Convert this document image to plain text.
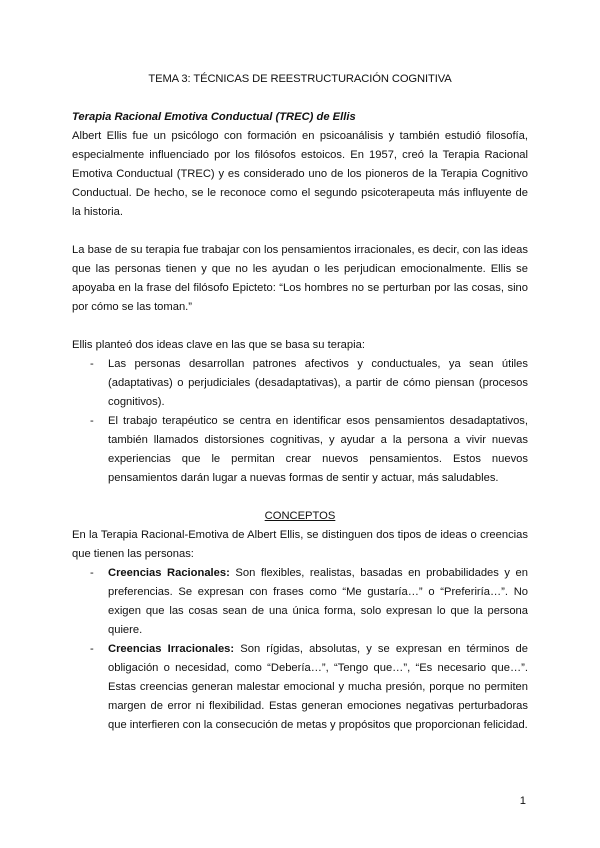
TEMA 3: TÉCNICAS DE REESTRUCTURACIÓN COGNITIVA

Terapia Racional Emotiva Conductual (TREC) de Ellis

Albert Ellis fue un psicólogo con formación en psicoanálisis y también estudió filosofía, especialmente influenciado por los filósofos estoicos. En 1957, creó la Terapia Racional Emotiva Conductual (TREC) y es considerado uno de los pioneros de la Terapia Cognitivo Conductual. De hecho, se le reconoce como el segundo psicoterapeuta más influyente de la historia.

La base de su terapia fue trabajar con los pensamientos irracionales, es decir, con las ideas que las personas tienen y que no les ayudan o les perjudican emocionalmente. Ellis se apoyaba en la frase del filósofo Epicteto: “Los hombres no se perturban por las cosas, sino por cómo se las toman.”

Ellis planteó dos ideas clave en las que se basa su terapia:

- Las personas desarrollan patrones afectivos y conductuales, ya sean útiles (adaptativas) o perjudiciales (desadaptativas), a partir de cómo piensan (procesos cognitivos).
- El trabajo terapéutico se centra en identificar esos pensamientos desadaptativos, también llamados distorsiones cognitivas, y ayudar a la persona a vivir nuevas experiencias que le permitan crear nuevos pensamientos. Estos nuevos pensamientos darán lugar a nuevas formas de sentir y actuar, más saludables.

CONCEPTOS

En la Terapia Racional-Emotiva de Albert Ellis, se distinguen dos tipos de ideas o creencias que tienen las personas:

- Creencias Racionales: Son flexibles, realistas, basadas en probabilidades y en preferencias. Se expresan con frases como “Me gustaría…” o “Preferiría…”. No exigen que las cosas sean de una única forma, solo expresan lo que la persona quiere.
- Creencias Irracionales: Son rígidas, absolutas, y se expresan en términos de obligación o necesidad, como “Debería…”, “Tengo que…”, “Es necesario que…”. Estas creencias generan malestar emocional y mucha presión, porque no permiten margen de error ni flexibilidad. Estas generan emociones negativas perturbadoras que interfieren con la consecución de metas y propósitos que proporcionan felicidad.
1
